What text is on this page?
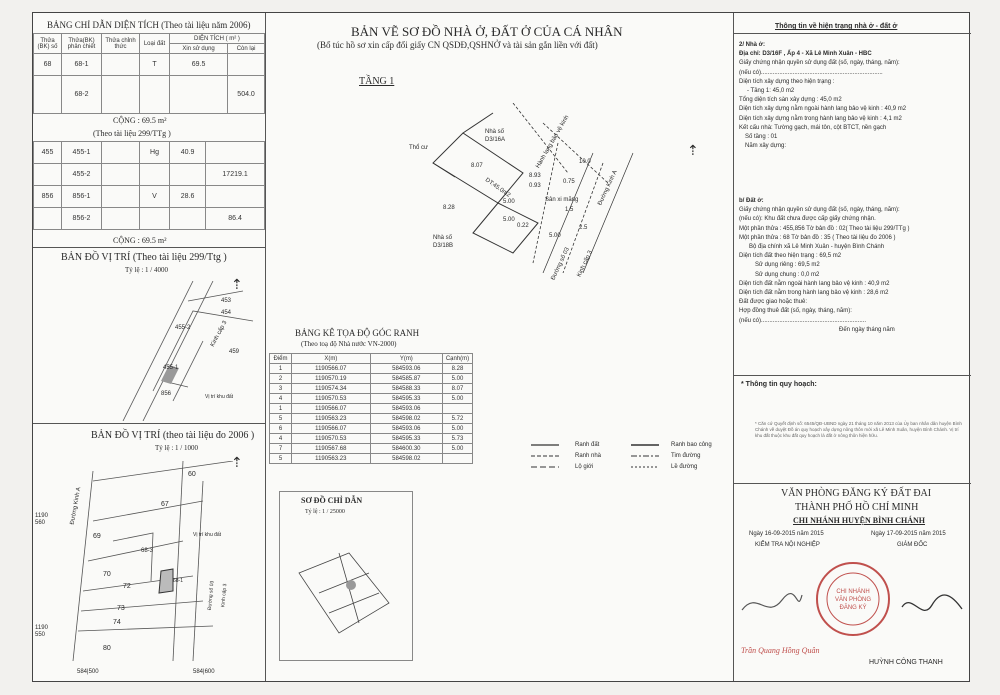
BẢNG CHỈ DẪN DIỆN TÍCH (Theo tài liệu năm 2006)
Thửa (BK) số	Thửa(BK) phân chiết	Thửa chỉnh thức	Loại đất	DIỆN TÍCH ( m² )	
				Xin sử dụng	Còn lại
68	68-1		T	69.5	
	68-2				504.0
CỘNG : 69.5 m²
(Theo tài liệu 299/TTg )
455	455-1		Hg	40.9	
	455-2				17219.1
856	856-1		V	28.6	
	856-2				86.4
CỘNG : 69.5 m²
BẢN ĐỒ VỊ TRÍ (Theo tài liệu 299/Ttg )
Tỷ lệ : 1 / 4000
⇡
453
454
455-2
459
Kinh cấp 3
455-1
856	Vị trí khu đất
BẢN ĐỒ VỊ TRÍ (theo tài liệu đo 2006 )
Tỷ lệ : 1 / 1000
⇡
60
67
69
68-3
70
72
73
74
80
68-1
Vị trí khu đất
Đường Kinh A
Đường số 03 Kinh cấp 3
1190
560
1190
550
584|500	584|600
BẢN VẼ SƠ ĐỒ NHÀ Ở, ĐẤT Ở CỦA CÁ NHÂN
(Bổ túc hồ sơ xin cấp đổi giấy CN QSDĐ,QSHNỞ và tài sản gắn liền với đất)
TẦNG 1
Nhà số
D3/16A
Thổ cư
DT:45.0m2
Sân xi măng
Nhà số
D3/18B
Đường Kinh A
Đường số 03 Kinh cấp 3
Hành lang bảo vệ kinh
8.28
5.00
8.93
0.93
5.00
0.22
10.0
0.75
8.07
5.00
1.5
2.5
⇡
BẢNG KÊ TỌA ĐỘ GÓC RANH
(Theo toạ độ Nhà nước VN-2000)
Điểm	X(m)	Y(m)	Cạnh(m)
1	1190566.07	584593.06	8.28
2	1190570.19	584585.87	5.00
3	1190574.34	584588.33	8.07
4	1190570.53	584595.33	5.00
1	1190566.07	584593.06	
5	1190563.23	584598.02	5.72
6	1190566.07	584593.06	5.00
4	1190570.53	584595.33	5.73
7	1190567.68	584600.30	5.00
5	1190563.23	584598.02	
Ranh đất
Ranh nhà
Lộ giới
Ranh bao công
Tim đường
Lề đường
SƠ ĐỒ CHỈ DẪN
Tỷ lệ : 1 / 25000
Thông tin về hiện trạng nhà ở - đất ở
2/ Nhà ở:
Địa chỉ: D3/16F , Ấp 4 - Xã Lê Minh Xuân - HBC
Giấy chứng nhận quyền sử dụng đất (số, ngày, tháng, năm):
(nếu có).........................................................................
Diện tích xây dựng theo hiện trạng :
- Tầng 1: 45,0 m2
Tổng diện tích sàn xây dựng : 45,0 m2
Diện tích xây dựng nằm ngoài hành lang bảo vệ kinh : 40,9 m2
Diện tích xây dựng nằm trong hành lang bảo vệ kinh : 4,1 m2
Kết cấu nhà: Tường gạch, mái tôn, cột BTCT, nền gạch
Số tầng : 01
Năm xây dựng:
b/ Đất ở:
Giấy chứng nhận quyền sử dụng đất (số, ngày, tháng, năm):
(nếu có): Khu đất chưa được cấp giấy chứng nhận.
Một phần thửa : 455,856 Tờ bản đồ : 02( Theo tài liệu 299/TTg )
Một phần thửa : 68 Tờ bản đồ : 35 ( Theo tài liệu đo 2006 )
Bộ địa chính xã Lê Minh Xuân - huyện Bình Chánh
Diện tích đất theo hiện trạng : 69,5 m2
Sử dụng riêng : 69,5 m2
Sử dụng chung : 0,0 m2
Diện tích đất nằm ngoài hành lang bảo vệ kinh : 40,9 m2
Diện tích đất nằm trong hành lang bảo vệ kinh : 28,6 m2
Đất được giao hoặc thuê:
Hợp đồng thuê đất (số, ngày, tháng, năm):
(nếu có)...............................................................
Đến ngày tháng năm
* Thông tin quy hoạch:
* Căn cứ Quyết định số: 6545/QĐ-UBND ngày 21 tháng 10 năm 2013 của Ủy ban nhân dân huyện Bình Chánh về duyệt Đồ án quy hoạch xây dựng nông thôn mới xã Lê Minh Xuân, huyện Bình Chánh. Vị trí khu đất thuộc khu đất quy hoạch là đất ở nông thôn hiện hữu.
VĂN PHÒNG ĐĂNG KÝ ĐẤT ĐAI
THÀNH PHỐ HỒ CHÍ MINH
CHI NHÁNH HUYỆN BÌNH CHÁNH
Ngày 16-09-2015 năm 2015	Ngày 17-09-2015 năm 2015
KIỂM TRA NỘI NGHIỆP	GIÁM ĐỐC
CHI NHÁNH
VĂN PHÒNG
ĐĂNG KÝ
Trần Quang Hồng Quân
HUỲNH CÔNG THANH
